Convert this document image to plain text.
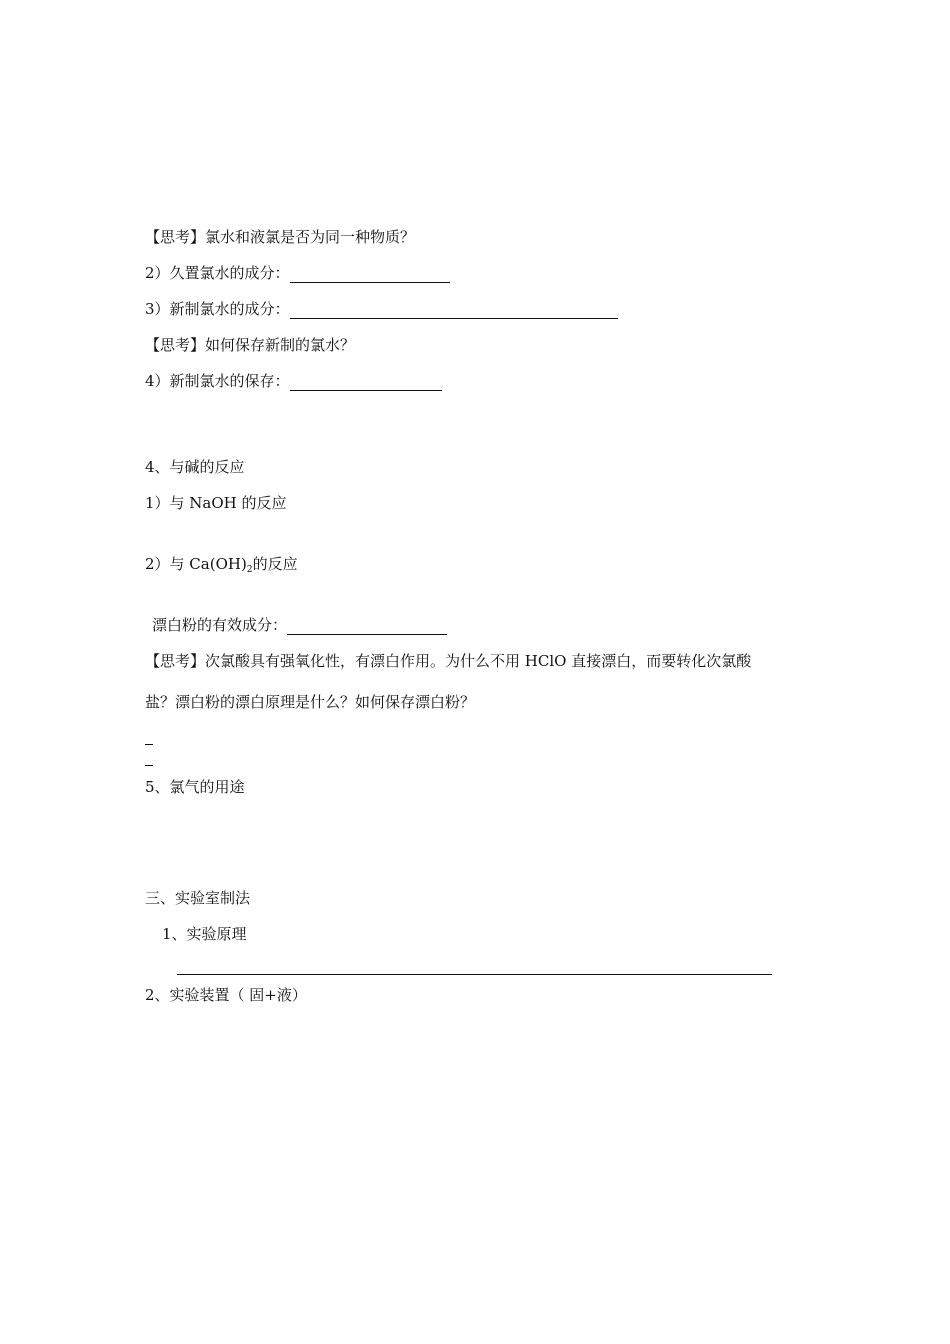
【思考】氯水和液氯是否为同一种物质？
2）久置氯水的成分：
3）新制氯水的成分：
【思考】如何保存新制的氯水？
4）新制氯水的保存：
4、与碱的反应
1）与 NaOH 的反应
2）与 $Ca(OH)_2$的反应
漂白粉的有效成分：
【思考】次氯酸具有强氧化性，有漂白作用。为什么不用 HClO 直接漂白，而要转化次氯酸
盐？漂白粉的漂白原理是什么？如何保存漂白粉？
5、氯气的用途
三、实验室制法
1、实验原理
2、实验装置（ 固+液）
